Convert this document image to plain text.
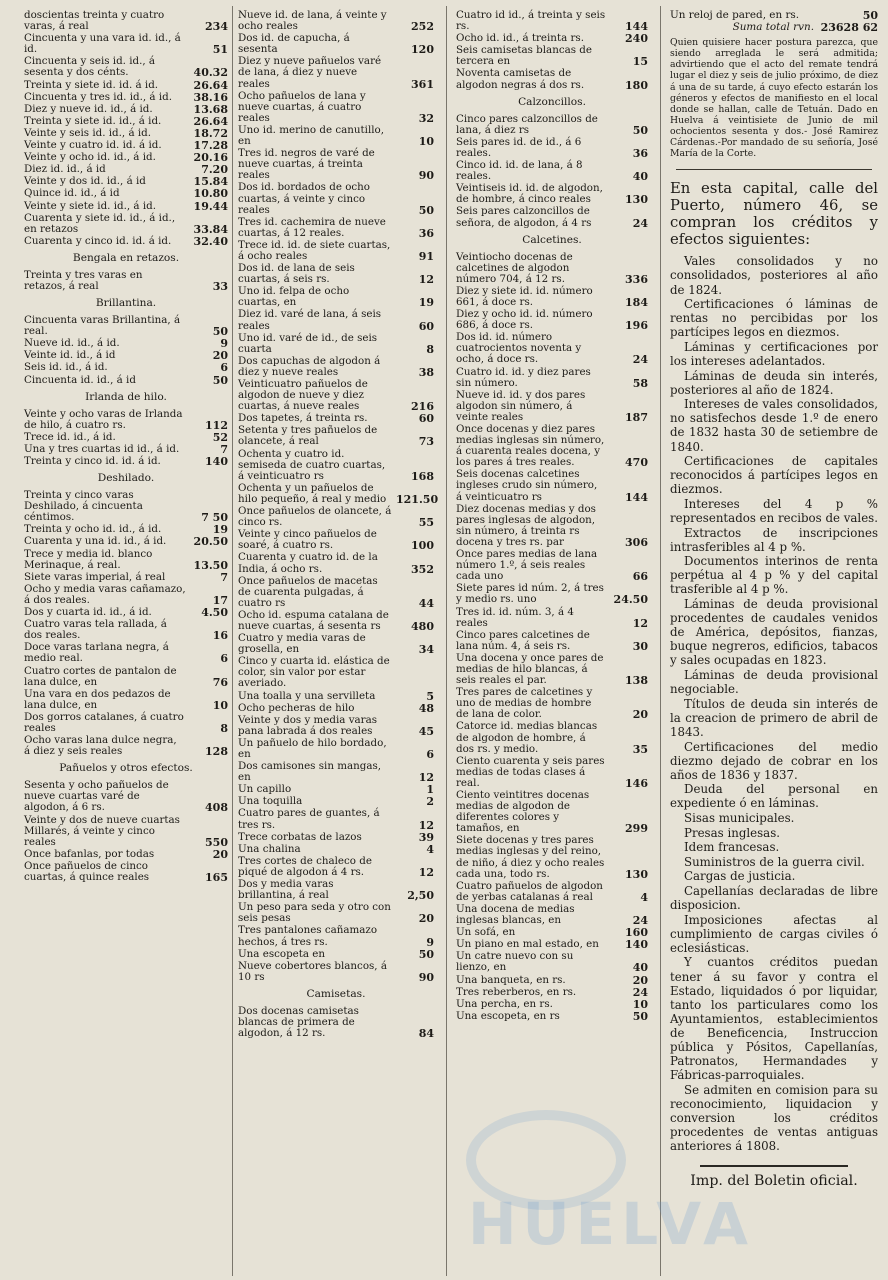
HUELVA
doscientas treinta y cuatro varas, á real	234
Cincuenta y una vara id. id., á id.	51
Cincuenta y seis id. id., á sesenta y dos cénts.	40.32
Treinta y siete id. id. á id.	26.64
Cincuenta y tres id. id., á id.	38.16
Diez y nueve id. id., á id.	13.68
Treinta y siete id. id., á id.	26.64
Veinte y seis id. id., á id.	18.72
Veinte y cuatro id. id. á id.	17.28
Veinte y ocho id. id., á id.	20.16
Diez id. id., á id	7.20
Veinte y dos id. id., á id	15.84
Quince id. id., á id	10.80
Veinte y siete id. id., á id.	19.44
Cuarenta y siete id. id., á id., en retazos	33.84
Cuarenta y cinco id. id. á id.	32.40
Bengala en retazos.
Treinta y tres varas en retazos, á real	33
Brillantina.
Cincuenta varas Brillantina, á real.	50
Nueve id. id., á id.	9
Veinte id. id., á id	20
Seis id. id., á id.	6
Cincuenta id. id., á id	50
Irlanda de hilo.
Veinte y ocho varas de Irlanda de hilo, á cuatro rs.	112
Trece id. id., á id.	52
Una y tres cuartas id id., á id.	7
Treinta y cinco id. id. á id.	140
Deshilado.
Treinta y cinco varas Deshilado, á cincuenta céntimos.	7 50
Treinta y ocho id. id., á id.	19
Cuarenta y una id. id., á id.	20.50
Trece y media id. blanco Merinaque, á real.	13.50
Siete varas imperial, á real	7
Ocho y media varas cañamazo, á dos reales.	17
Dos y cuarta id. id., á id.	4.50
Cuatro varas tela rallada, á dos reales.	16
Doce varas tarlana negra, á medio real.	6
Cuatro cortes de pantalon de lana dulce, en	76
Una vara en dos pedazos de lana dulce, en	10
Dos gorros catalanes, á cuatro reales	8
Ocho varas lana dulce negra, á diez y seis reales	128
Pañuelos y otros efectos.
Sesenta y ocho pañuelos de nueve cuartas varé de algodon, á 6 rs.	408
Veinte y dos de nueve cuartas Millarés, á veinte y cinco reales	550
Once bafanlas, por todas	20
Once pañuelos de cinco cuartas, á quince reales	165
Nueve id. de lana, á veinte y ocho reales	252
Dos id. de capucha, á sesenta	120
Diez y nueve pañuelos varé de lana, á diez y nueve reales	361
Ocho pañuelos de lana y nueve cuartas, á cuatro reales	32
Uno id. merino de canutillo, en	10
Tres id. negros de varé de nueve cuartas, á treinta reales	90
Dos id. bordados de ocho cuartas, á veinte y cinco reales	50
Tres id. cachemira de nueve cuartas, á 12 reales.	36
Trece id. id. de siete cuartas, á ocho reales	91
Dos id. de lana de seis cuartas, á seis rs.	12
Uno id. felpa de ocho cuartas, en	19
Diez id. varé de lana, á seis reales	60
Uno id. varé de id., de seis cuarta	8
Dos capuchas de algodon á diez y nueve reales	38
Veinticuatro pañuelos de algodon de nueve y diez cuartas, á nueve reales	216
Dos tapetes, á treinta rs.	60
Setenta y tres pañuelos de olancete, á real	73
Ochenta y cuatro id. semiseda de cuatro cuartas, á veinticuatro rs	168
Ochenta y un pañuelos de hilo pequeño, á real y medio 121.50
Once pañuelos de olancete, á cinco rs.	55
Veinte y cinco pañuelos de soaré, á cuatro rs.	100
Cuarenta y cuatro id. de la India, á ocho rs.	352
Once pañuelos de macetas de cuarenta pulgadas, á cuatro rs	44
Ocho id. espuma catalana de nueve cuartas, á sesenta rs	480
Cuatro y media varas de grosella, en	34
Cinco y cuarta id. elástica de color, sin valor por estar averiado.
Una toalla y una servilleta	5
Ocho pecheras de hilo	48
Veinte y dos y media varas pana labrada á dos reales	45
Un pañuelo de hilo bordado, en	6
Dos camisones sin mangas, en	12
Un capillo	1
Una toquilla	2
Cuatro pares de guantes, á tres rs.	12
Trece corbatas de lazos	39
Una chalina	4
Tres cortes de chaleco de piqué de algodon á 4 rs.	12
Dos y media varas brillantina, á real	2,50
Un peso para seda y otro con seis pesas	20
Tres pantalones cañamazo hechos, á tres rs.	9
Una escopeta en	50
Nueve cobertores blancos, á 10 rs	90
Camisetas.
Dos docenas camisetas blancas de primera de algodon, á 12 rs.	84
Cuatro id id., á treinta y seis rs.	144
Ocho id. id., á treinta rs.	240
Seis camisetas blancas de tercera en	15
Noventa camisetas de algodon negras á dos rs.	180
Calzoncillos.
Cinco pares calzoncillos de lana, á diez rs	50
Seis pares id. de id., á 6 reales.	36
Cinco id. id. de lana, á 8 reales.	40
Veintiseis id. id. de algodon, de hombre, á cinco reales	130
Seis pares calzoncillos de señora, de algodon, á 4 rs	24
Calcetines.
Veintiocho docenas de calcetines de algodon número 704, á 12 rs.	336
Diez y siete id. id. número 661, á doce rs.	184
Diez y ocho id. id. número 686, á doce rs.	196
Dos id. id. número cuatrocientos noventa y ocho, á doce rs.	24
Cuatro id. id. y diez pares sin número.	58
Nueve id. id. y dos pares algodon sin número, á veinte reales	187
Once docenas y diez pares medias inglesas sin número, á cuarenta reales docena, y los pares á tres reales.	470
Seis docenas calcetines ingleses crudo sin número, á veinticuatro rs	144
Diez docenas medias y dos pares inglesas de algodon, sin número, á treinta rs docena y tres rs. par	306
Once pares medias de lana número 1.º, á seis reales cada uno	66
Siete pares id núm. 2, á tres y medio rs. uno	24.50
Tres id. id. núm. 3, á 4 reales	12
Cinco pares calcetines de lana núm. 4, á seis rs.	30
Una docena y once pares de medias de hilo blancas, á seis reales el par.	138
Tres pares de calcetines y uno de medias de hombre de lana de color.	20
Catorce id. medias blancas de algodon de hombre, á dos rs. y medio.	35
Ciento cuarenta y seis pares medias de todas clases á real.	146
Ciento veintitres docenas medias de algodon de diferentes colores y tamaños, en	299
Siete docenas y tres pares medias inglesas y del reino, de niño, á diez y ocho reales cada una, todo rs.	130
Cuatro pañuelos de algodon de yerbas catalanas á real	4
Una docena de medias inglesas blancas, en	24
Un sofá, en	160
Un piano en mal estado, en	140
Un catre nuevo con su lienzo, en	40
Una banqueta, en rs.	20
Tres reberberos, en rs.	24
Una percha, en rs.	10
Una escopeta, en rs	50
Un reloj de pared, en rs.	50
Suma total rvn. 23628 62

Quien quisiere hacer postura parezca, que siendo arreglada le será admitida; advirtiendo que el acto del remate tendrá lugar el diez y seis de julio próximo, de diez á una de su tarde, á cuyo efecto estarán los géneros y efectos de manifiesto en el local donde se hallan, calle de Tetuán. Dado en Huelva á veintisiete de Junio de mil ochocientos sesenta y dos.- José Ramirez Cárdenas.-Por mandado de su señoría, José María de la Corte.

En esta capital, calle del Puerto, número 46, se compran los créditos y efectos siguientes:

Vales consolidados y no consolidados, posteriores al año de 1824.
Certificaciones ó láminas de rentas no percibidas por los partícipes legos en diezmos.
Láminas y certificaciones por los intereses adelantados.
Láminas de deuda sin interés, posteriores al año de 1824.
Intereses de vales consolidados, no satisfechos desde 1.º de enero de 1832 hasta 30 de setiembre de 1840.
Certificaciones de capitales reconocidos á partícipes legos en diezmos.
Intereses del 4 p % representados en recibos de vales.
Extractos de inscripciones intrasferibles al 4 p %.
Documentos interinos de renta perpétua al 4 p % y del capital trasferible al 4 p %.
Láminas de deuda provisional procedentes de caudales venidos de América, depósitos, fianzas, buque negreros, edificios, tabacos y sales ocupadas en 1823.
Láminas de deuda provisional negociable.
Títulos de deuda sin interés de la creacion de primero de abril de 1843.
Certificaciones del medio diezmo dejado de cobrar en los años de 1836 y 1837.
Deuda del personal en expediente ó en láminas.
Sisas municipales.
Presas inglesas.
Idem francesas.
Suministros de la guerra civil.
Cargas de justicia.
Capellanías declaradas de libre disposicion.
Imposiciones afectas al cumplimiento de cargas civiles ó eclesiásticas.
Y cuantos créditos puedan tener á su favor y contra el Estado, liquidados ó por liquidar, tanto los particulares como los Ayuntamientos, establecimientos de Beneficencia, Instruccion pública y Pósitos, Capellanías, Patronatos, Hermandades y Fábricas-parroquiales.
Se admiten en comision para su reconocimiento, liquidacion y conversion los créditos procedentes de ventas antiguas anteriores á 1808.
Imp. del Boletin oficial.
